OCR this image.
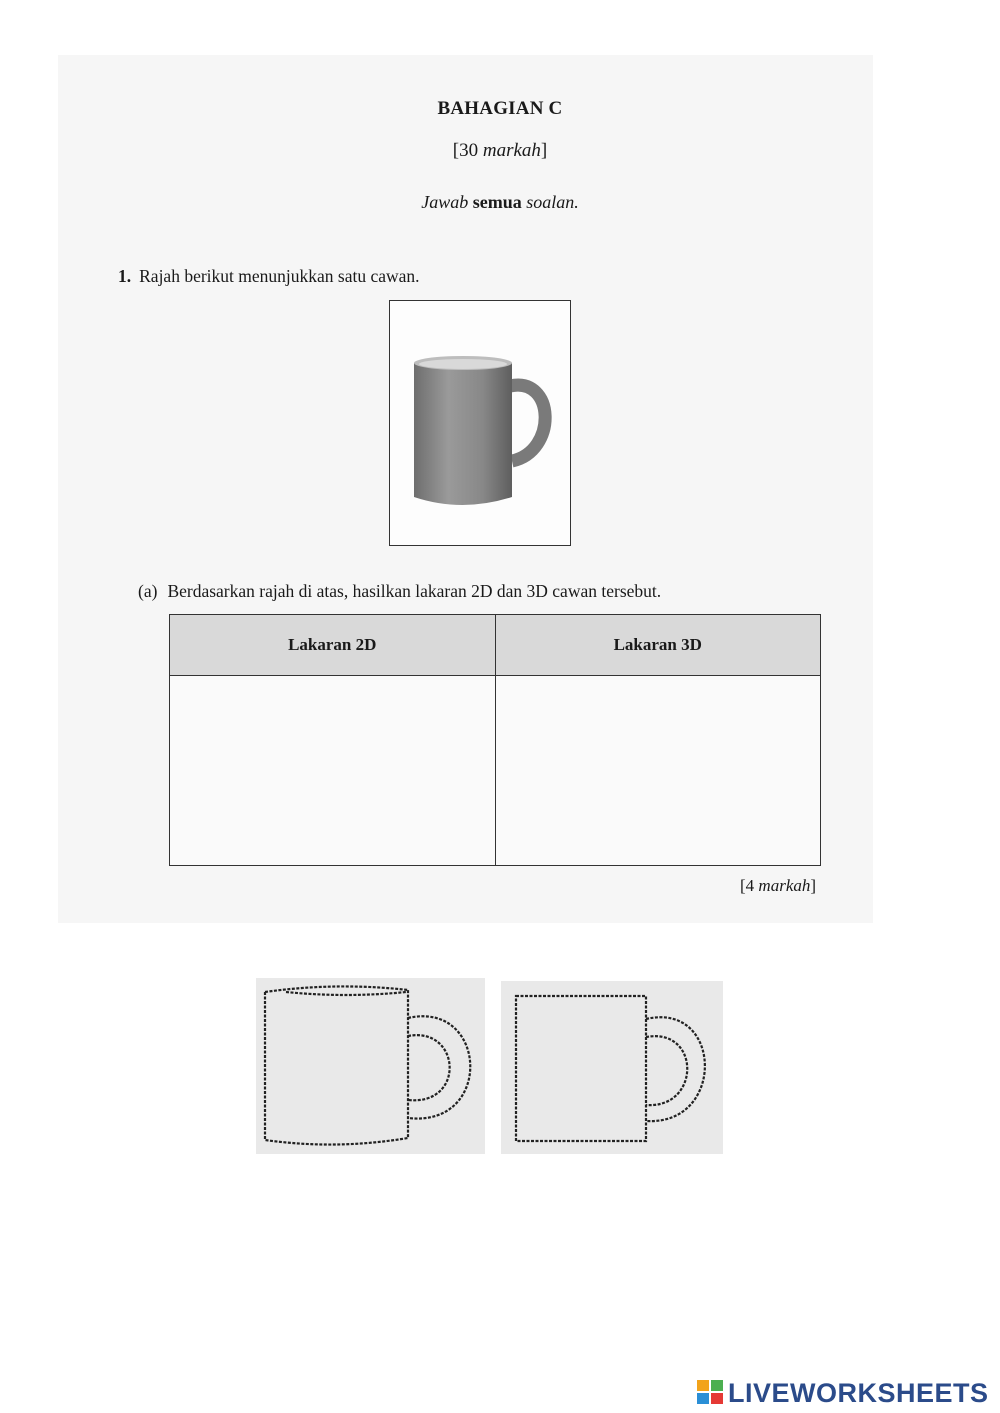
BAHAGIAN C
[30 markah]
Jawab semua soalan.
1. Rajah berikut menunjukkan satu cawan.
(a) Berdasarkan rajah di atas, hasilkan lakaran 2D dan 3D cawan tersebut.
Lakaran 2D	Lakaran 3D

[4 markah]
LIVEWORKSHEETS
